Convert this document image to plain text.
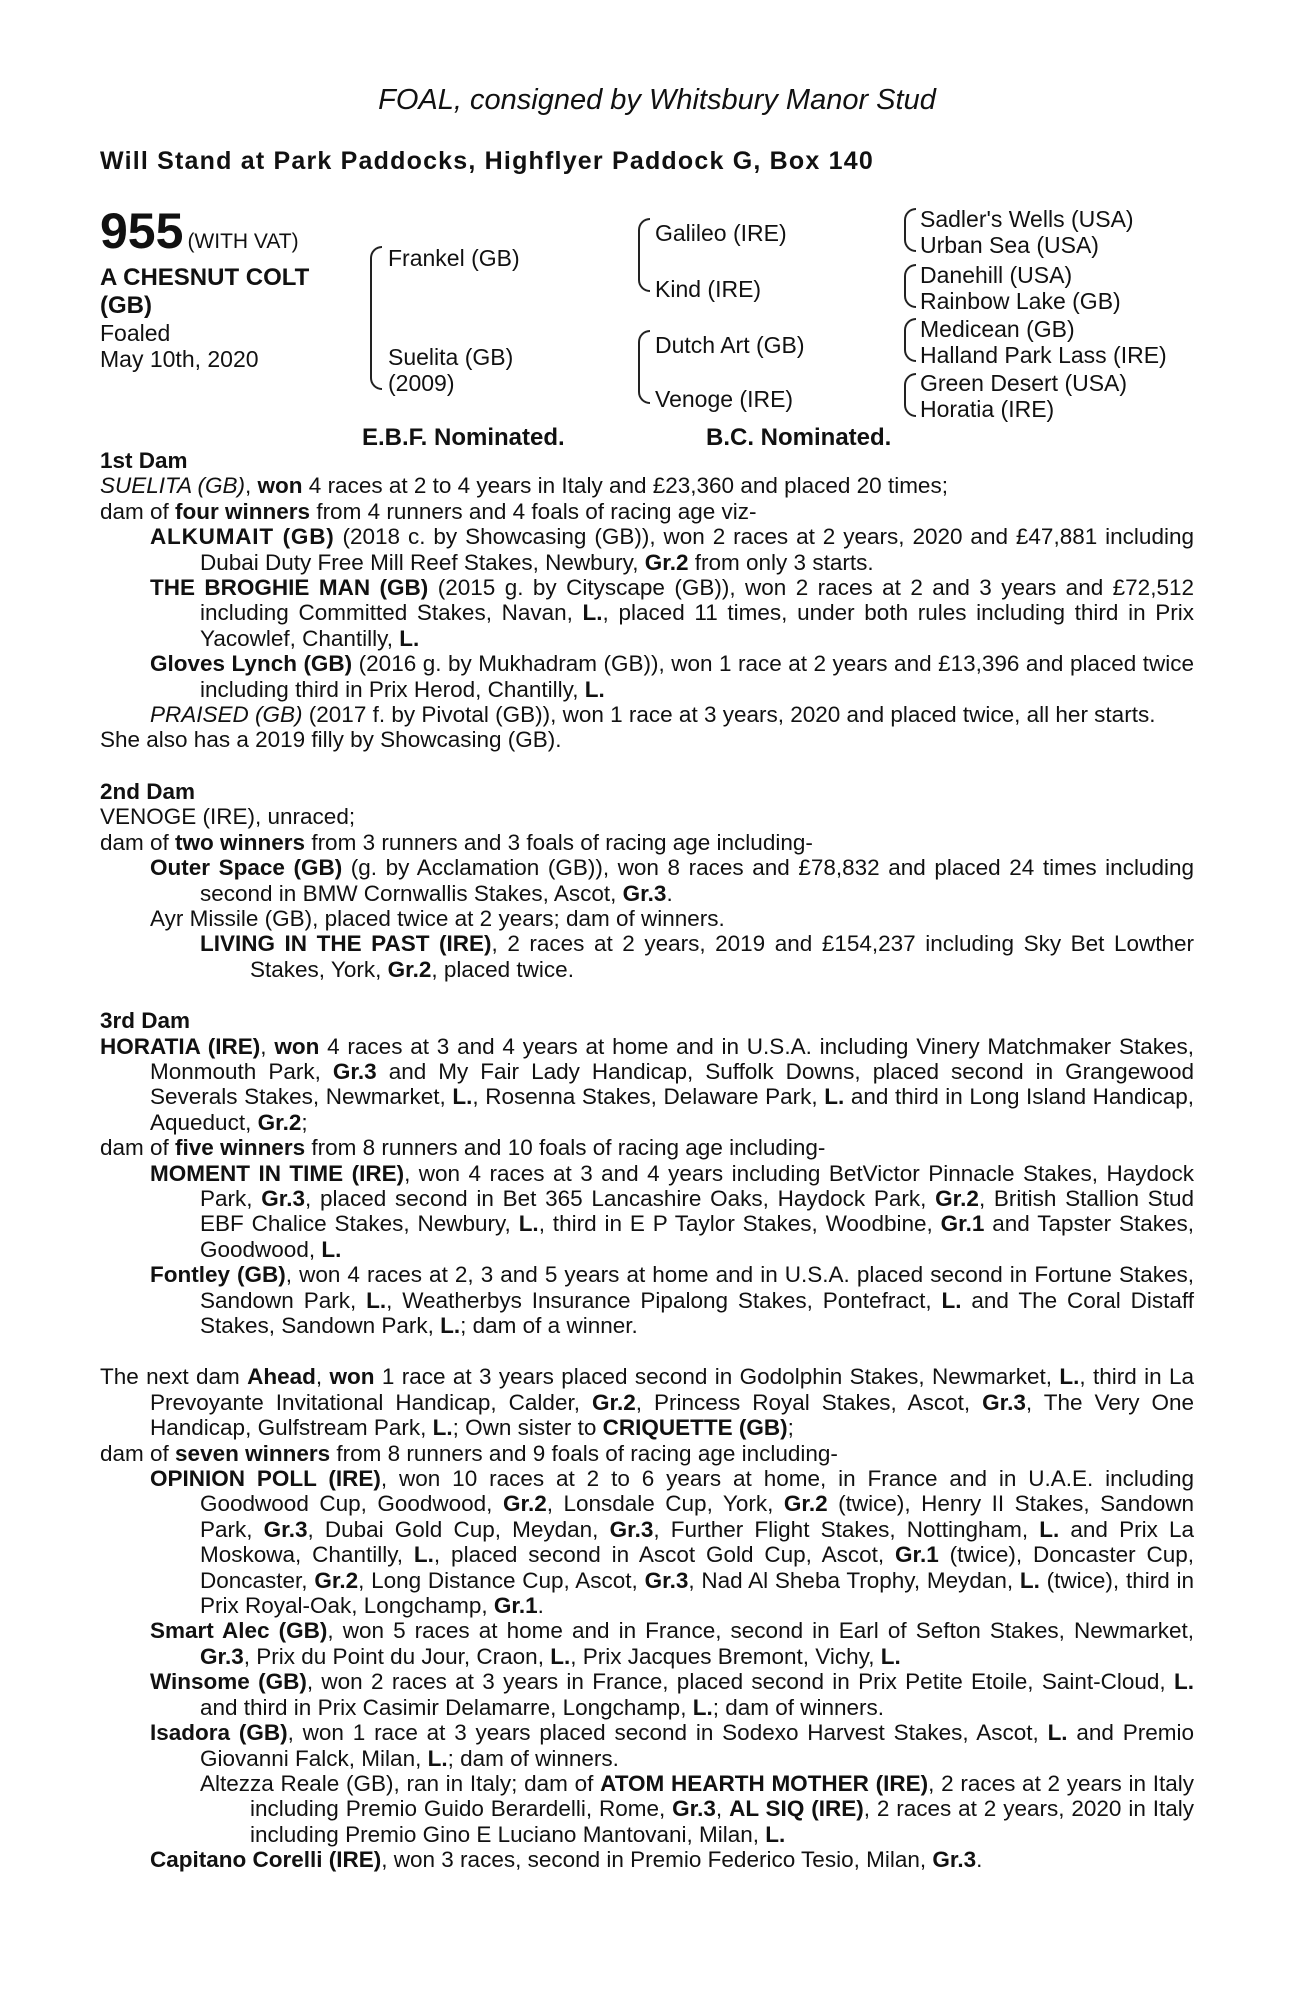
FOAL, consigned by Whitsbury Manor Stud
Will Stand at Park Paddocks, Highflyer Paddock G, Box 140
955 (WITH VAT)
A CHESNUT COLT
(GB)
Foaled
May 10th, 2020
Frankel (GB)
Suelita (GB)
(2009)
Galileo (IRE)
Kind (IRE)
Dutch Art (GB)
Venoge (IRE)
Sadler's Wells (USA)
Urban Sea (USA)
Danehill (USA)
Rainbow Lake (GB)
Medicean (GB)
Halland Park Lass (IRE)
Green Desert (USA)
Horatia (IRE)
E.B.F. Nominated.	B.C. Nominated.
1st Dam

SUELITA (GB), won 4 races at 2 to 4 years in Italy and £23,360 and placed 20 times;

dam of four winners from 4 runners and 4 foals of racing age viz-

ALKUMAIT (GB) (2018 c. by Showcasing (GB)), won 2 races at 2 years, 2020 and £47,881 including Dubai Duty Free Mill Reef Stakes, Newbury, Gr.2 from only 3 starts.

THE BROGHIE MAN (GB) (2015 g. by Cityscape (GB)), won 2 races at 2 and 3 years and £72,512 including Committed Stakes, Navan, L., placed 11 times, under both rules including third in Prix Yacowlef, Chantilly, L.

Gloves Lynch (GB) (2016 g. by Mukhadram (GB)), won 1 race at 2 years and £13,396 and placed twice including third in Prix Herod, Chantilly, L.

PRAISED (GB) (2017 f. by Pivotal (GB)), won 1 race at 3 years, 2020 and placed twice, all her starts.

She also has a 2019 filly by Showcasing (GB).

2nd Dam

VENOGE (IRE), unraced;

dam of two winners from 3 runners and 3 foals of racing age including-

Outer Space (GB) (g. by Acclamation (GB)), won 8 races and £78,832 and placed 24 times including second in BMW Cornwallis Stakes, Ascot, Gr.3.

Ayr Missile (GB), placed twice at 2 years; dam of winners.

LIVING IN THE PAST (IRE), 2 races at 2 years, 2019 and £154,237 including Sky Bet Lowther Stakes, York, Gr.2, placed twice.

3rd Dam

HORATIA (IRE), won 4 races at 3 and 4 years at home and in U.S.A. including Vinery Matchmaker Stakes, Monmouth Park, Gr.3 and My Fair Lady Handicap, Suffolk Downs, placed second in Grangewood Severals Stakes, Newmarket, L., Rosenna Stakes, Delaware Park, L. and third in Long Island Handicap, Aqueduct, Gr.2;

dam of five winners from 8 runners and 10 foals of racing age including-

MOMENT IN TIME (IRE), won 4 races at 3 and 4 years including BetVictor Pinnacle Stakes, Haydock Park, Gr.3, placed second in Bet 365 Lancashire Oaks, Haydock Park, Gr.2, British Stallion Stud EBF Chalice Stakes, Newbury, L., third in E P Taylor Stakes, Woodbine, Gr.1 and Tapster Stakes, Goodwood, L.

Fontley (GB), won 4 races at 2, 3 and 5 years at home and in U.S.A. placed second in Fortune Stakes, Sandown Park, L., Weatherbys Insurance Pipalong Stakes, Pontefract, L. and The Coral Distaff Stakes, Sandown Park, L.; dam of a winner.

The next dam Ahead, won 1 race at 3 years placed second in Godolphin Stakes, Newmarket, L., third in La Prevoyante Invitational Handicap, Calder, Gr.2, Princess Royal Stakes, Ascot, Gr.3, The Very One Handicap, Gulfstream Park, L.; Own sister to CRIQUETTE (GB);

dam of seven winners from 8 runners and 9 foals of racing age including-

OPINION POLL (IRE), won 10 races at 2 to 6 years at home, in France and in U.A.E. including Goodwood Cup, Goodwood, Gr.2, Lonsdale Cup, York, Gr.2 (twice), Henry II Stakes, Sandown Park, Gr.3, Dubai Gold Cup, Meydan, Gr.3, Further Flight Stakes, Nottingham, L. and Prix La Moskowa, Chantilly, L., placed second in Ascot Gold Cup, Ascot, Gr.1 (twice), Doncaster Cup, Doncaster, Gr.2, Long Distance Cup, Ascot, Gr.3, Nad Al Sheba Trophy, Meydan, L. (twice), third in Prix Royal-Oak, Longchamp, Gr.1.

Smart Alec (GB), won 5 races at home and in France, second in Earl of Sefton Stakes, Newmarket, Gr.3, Prix du Point du Jour, Craon, L., Prix Jacques Bremont, Vichy, L.

Winsome (GB), won 2 races at 3 years in France, placed second in Prix Petite Etoile, Saint-Cloud, L. and third in Prix Casimir Delamarre, Longchamp, L.; dam of winners.

Isadora (GB), won 1 race at 3 years placed second in Sodexo Harvest Stakes, Ascot, L. and Premio Giovanni Falck, Milan, L.; dam of winners.

Altezza Reale (GB), ran in Italy; dam of ATOM HEARTH MOTHER (IRE), 2 races at 2 years in Italy including Premio Guido Berardelli, Rome, Gr.3, AL SIQ (IRE), 2 races at 2 years, 2020 in Italy including Premio Gino E Luciano Mantovani, Milan, L.

Capitano Corelli (IRE), won 3 races, second in Premio Federico Tesio, Milan, Gr.3.
